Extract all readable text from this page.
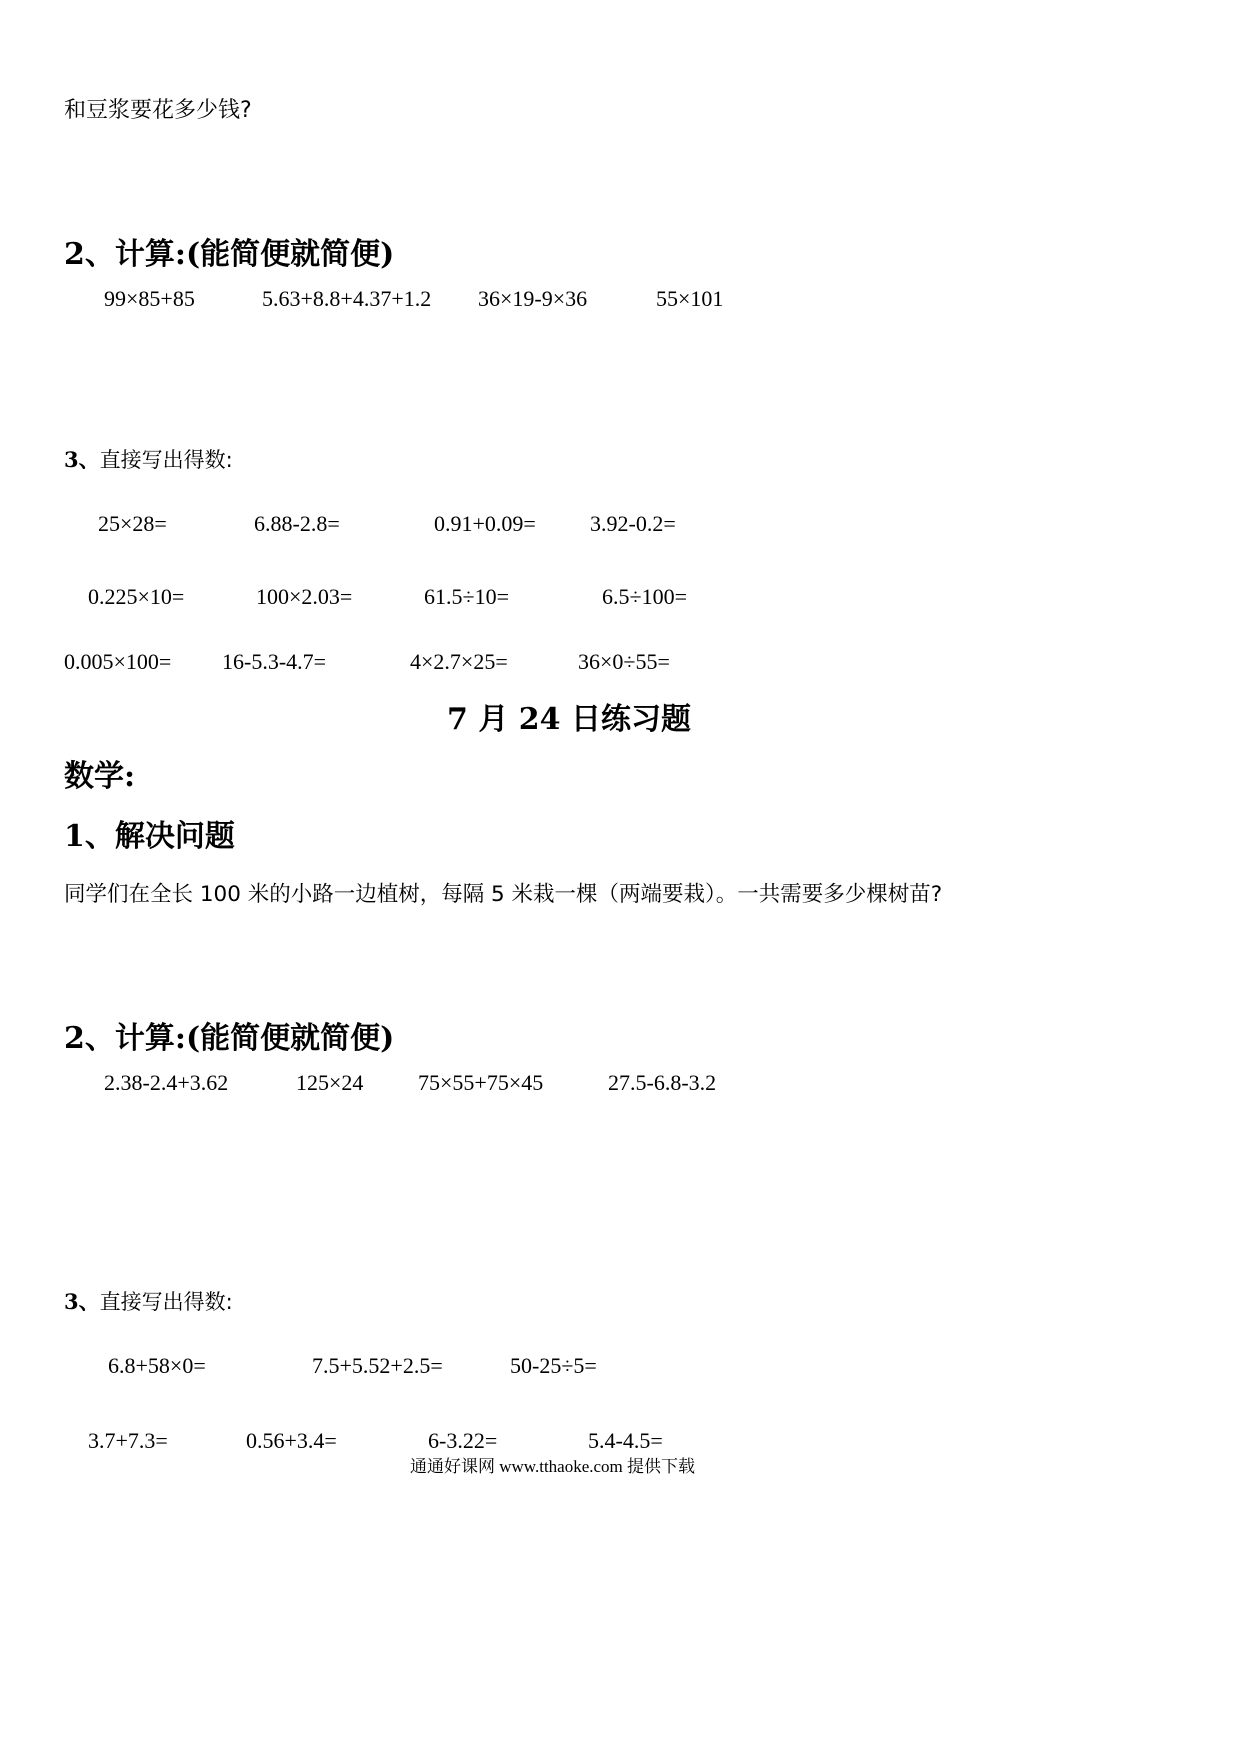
和豆浆要花多少钱?
2、计算:(能简便就简便)
99×85+85	5.63+8.8+4.37+1.2 36×19-9×36	55×101
3、直接写出得数:
25×28=	6.88-2.8=	0.91+0.09= 3.92-0.2=
0.225×10=	100×2.03=	61.5÷10=	6.5÷100=
0.005×100= 16-5.3-4.7=	4×2.7×25=	36×0÷55=
7 月 24 日练习题
数学:
1、解决问题
同学们在全长 100 米的小路一边植树，每隔 5 米栽一棵（两端要栽）。一共需要多少棵树苗?
2、计算:(能简便就简便)
2.38-2.4+3.62	125×24 75×55+75×45	27.5-6.8-3.2
3、直接写出得数:
6.8+58×0=	7.5+5.52+2.5=	50-25÷5=
3.7+7.3=	0.56+3.4=	6-3.22=	5.4-4.5=
通通好课网 www.tthaoke.com 提供下载
